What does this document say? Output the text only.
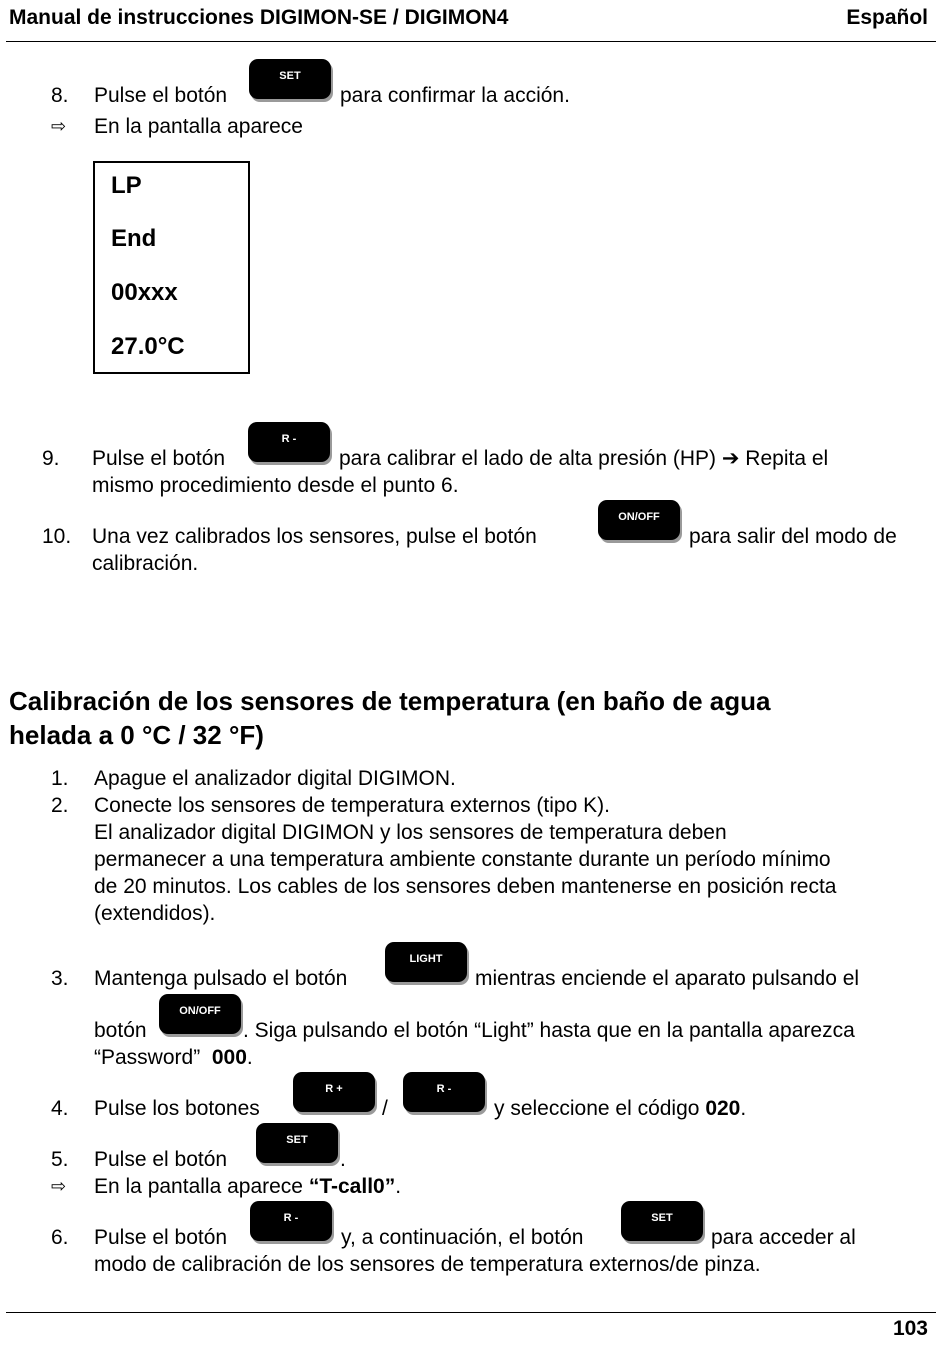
Manual de instrucciones DIGIMON-SE / DIGIMON4	Español
8. Pulse el botón
SET
para confirmar la acción.
⇨ En la pantalla aparece
LP
End
00xxx
27.0°C
9. Pulse el botón
R -
para calibrar el lado de alta presión (HP) ➔ Repita el
mismo procedimiento desde el punto 6.
10. Una vez calibrados los sensores, pulse el botón
ON/OFF
para salir del modo de
calibración.
Calibración de los sensores de temperatura (en baño de agua
helada a 0 °C / 32 °F)
1. Apague el analizador digital DIGIMON.
2. Conecte los sensores de temperatura externos (tipo K).
El analizador digital DIGIMON y los sensores de temperatura deben
permanecer a una temperatura ambiente constante durante un período mínimo
de 20 minutos. Los cables de los sensores deben mantenerse en posición recta
(extendidos).
3. Mantenga pulsado el botón
LIGHT
mientras enciende el aparato pulsando el
botón
ON/OFF
. Siga pulsando el botón “Light” hasta que en la pantalla aparezca
“Password” 000.
4. Pulse los botones
R +
/
R -
y seleccione el código 020.
5. Pulse el botón
SET
.
⇨ En la pantalla aparece “T-call0”.
6. Pulse el botón
R -
y, a continuación, el botón
SET
para acceder al
modo de calibración de los sensores de temperatura externos/de pinza.
103
